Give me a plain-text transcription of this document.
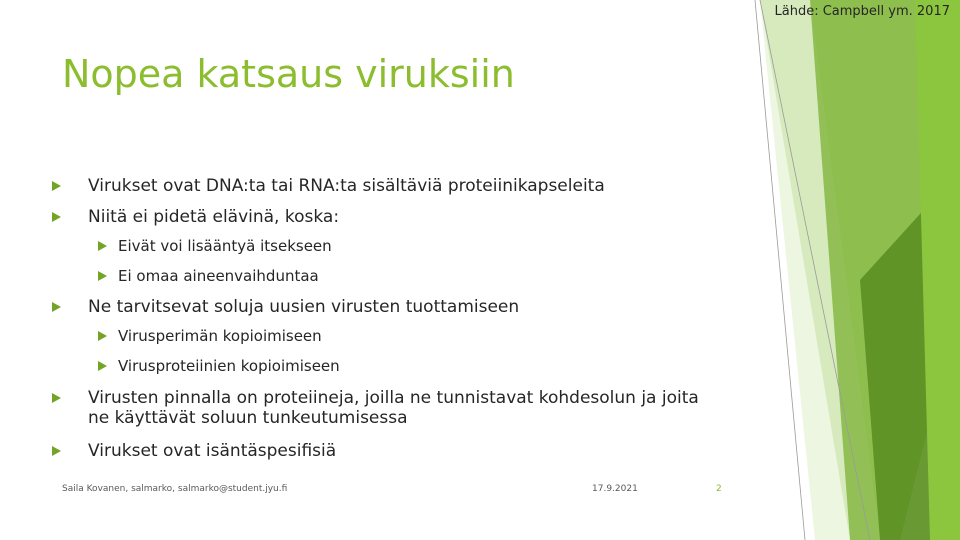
Lähde: Campbell ym. 2017
Nopea katsaus viruksiin
Virukset ovat DNA:ta tai RNA:ta sisältäviä proteiinikapseleita
Niitä ei pidetä elävinä, koska:
Eivät voi lisääntyä itsekseen
Ei omaa aineenvaihduntaa
Ne tarvitsevat soluja uusien virusten tuottamiseen
Virusperimän kopioimiseen
Virusproteiinien kopioimiseen
Virusten pinnalla on proteiineja, joilla ne tunnistavat kohdesolun ja joita ne käyttävät soluun tunkeutumisessa
Virukset ovat isäntäspesifisiä
Saila Kovanen, salmarko, salmarko@student.jyu.fi	17.9.2021	2
